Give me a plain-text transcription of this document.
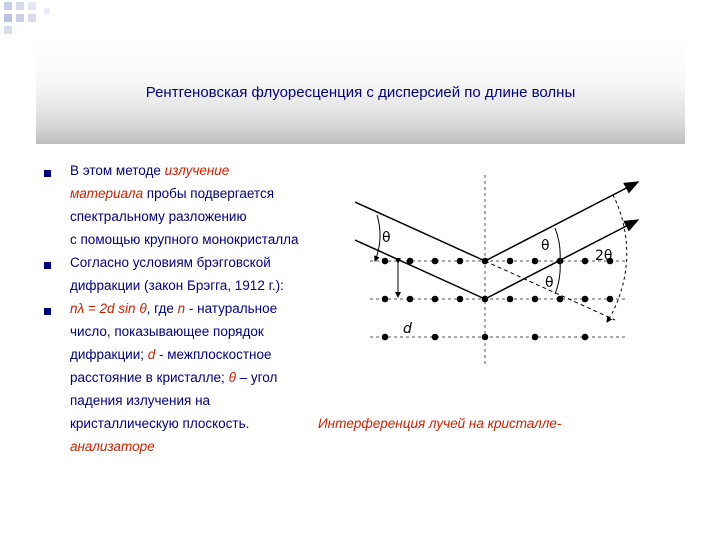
Рентгеновская флуоресценция с дисперсией по длине волны
В этом методе излучение
материала пробы подвергается
спектральному разложению
с помощью крупного монокристалла
Согласно условиям брэгговской
дифракции (закон Брэгга, 1912 г.):
nλ = 2d sin θ, где n - натуральное
число, показывающее порядок
дифракции; d - межплоскостное
расстояние в кристалле; θ – угол
падения излучения на
кристаллическую плоскость.
θ	θ
θ
2θ
d
Интерференция лучей на кристалле-
анализаторе
